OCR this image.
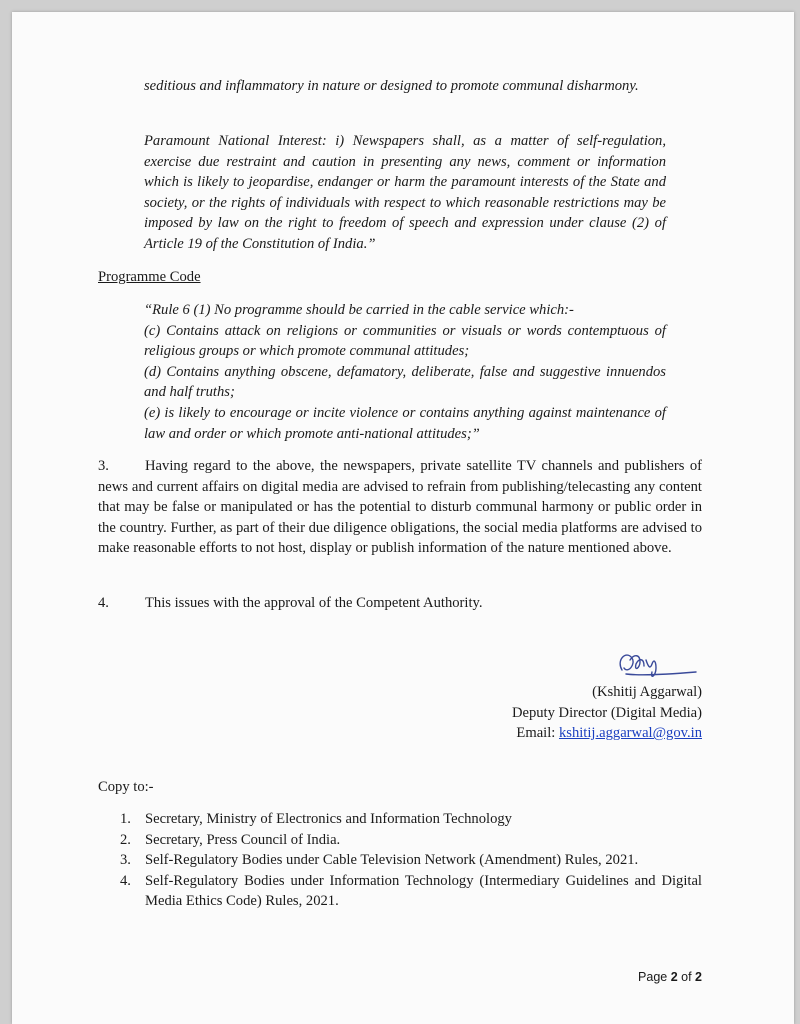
seditious and inflammatory in nature or designed to promote communal disharmony.

Paramount National Interest: i) Newspapers shall, as a matter of self-regulation, exercise due restraint and caution in presenting any news, comment or information which is likely to jeopardise, endanger or harm the paramount interests of the State and society, or the rights of individuals with respect to which reasonable restrictions may be imposed by law on the right to freedom of speech and expression under clause (2) of Article 19 of the Constitution of India.”

Programme Code

“Rule 6 (1) No programme should be carried in the cable service which:-

(c) Contains attack on religions or communities or visuals or words contemptuous of religious groups or which promote communal attitudes;

(d) Contains anything obscene, defamatory, deliberate, false and suggestive innuendos and half truths;

(e) is likely to encourage or incite violence or contains anything against maintenance of law and order or which promote anti-national attitudes;”

3. Having regard to the above, the newspapers, private satellite TV channels and publishers of news and current affairs on digital media are advised to refrain from publishing/telecasting any content that may be false or manipulated or has the potential to disturb communal harmony or public order in the country. Further, as part of their due diligence obligations, the social media platforms are advised to make reasonable efforts to not host, display or publish information of the nature mentioned above.
4. This issues with the approval of the Competent Authority.
(Kshitij Aggarwal)
Deputy Director (Digital Media)
Email: kshitij.aggarwal@gov.in
Copy to:-
1. Secretary, Ministry of Electronics and Information Technology
2. Secretary, Press Council of India.
3. Self-Regulatory Bodies under Cable Television Network (Amendment) Rules, 2021.
4. Self-Regulatory Bodies under Information Technology (Intermediary Guidelines and Digital Media Ethics Code) Rules, 2021.
Page 2 of 2
